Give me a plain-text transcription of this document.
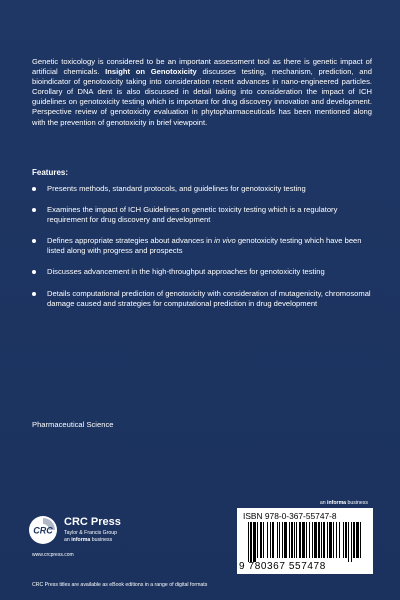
Genetic toxicology is considered to be an important assessment tool as there is genetic impact of artificial chemicals. Insight on Genotoxicity discusses testing, mechanism, prediction, and bioindicator of genotoxicity taking into consideration recent advances in nano-engineered particles. Corollary of DNA dent is also discussed in detail taking into consideration the impact of ICH guidelines on genotoxicity testing which is important for drug discovery innovation and development. Perspective review of genotoxicity evaluation in phytopharmaceuticals has been mentioned along with the prevention of genotoxicity in brief viewpoint.

Features:

Presents methods, standard protocols, and guidelines for genotoxicity testing
Examines the impact of ICH Guidelines on genetic toxicity testing which is a regulatory requirement for drug discovery and development
Defines appropriate strategies about advances in in vivo genotoxicity testing which have been listed along with progress and prospects
Discusses advancement in the high-throughput approaches for genotoxicity testing
Details computational prediction of genotoxicity with consideration of mutagenicity, chromosomal damage caused and strategies for computational prediction in drug development

Pharmaceutical Science

an informa business
CRC
CRC Press
Taylor & Francis Group
an informa business
www.crcpress.com
ISBN 978-0-367-55747-8
9 780367 557478
CRC Press titles are available as eBook editions in a range of digital formats
